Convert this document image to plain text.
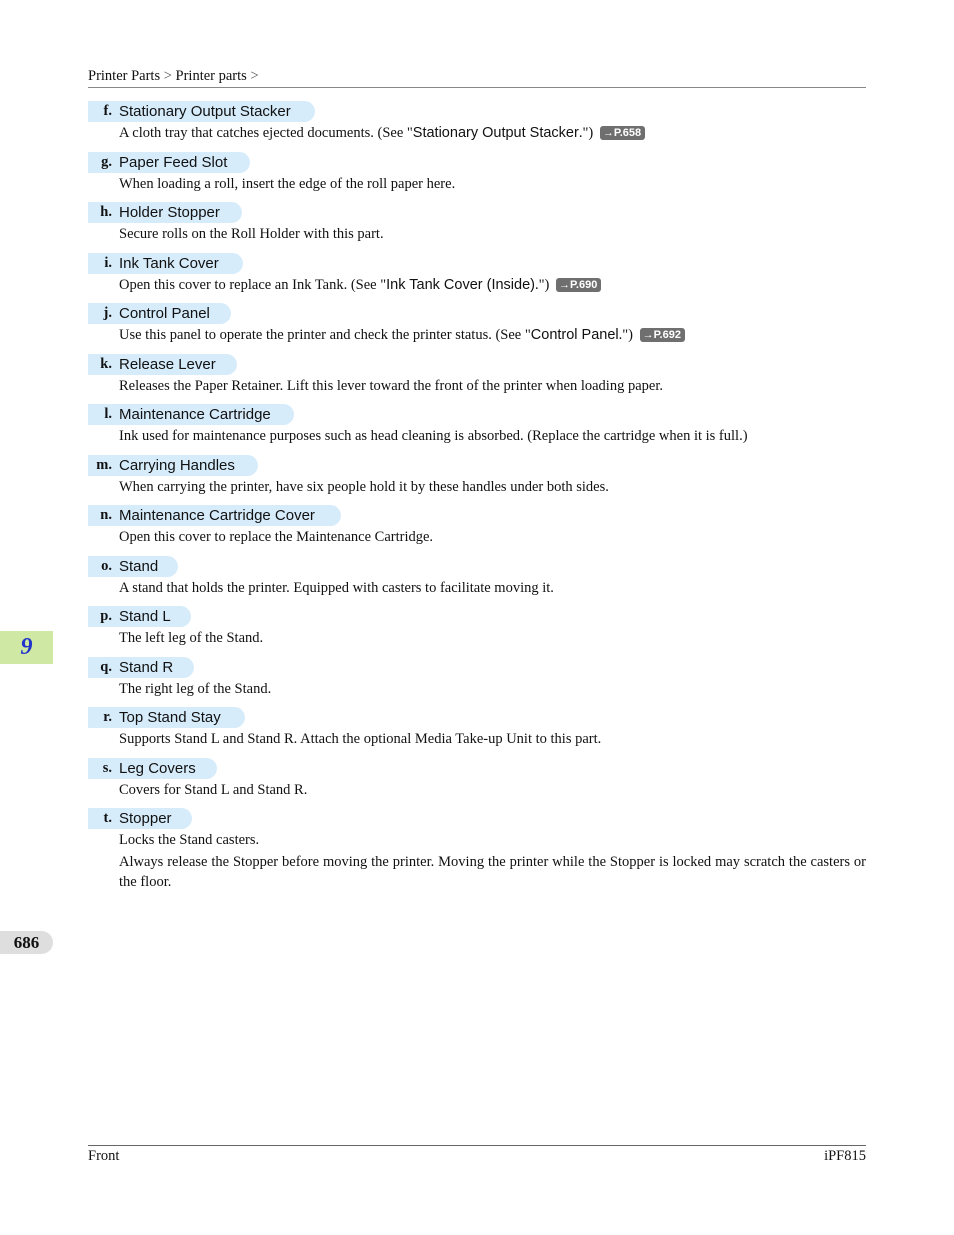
Printer Parts > Printer parts >
f. Stationary Output Stacker
A cloth tray that catches ejected documents. (See "Stationary Output Stacker.") →P.658
g. Paper Feed Slot
When loading a roll, insert the edge of the roll paper here.
h. Holder Stopper
Secure rolls on the Roll Holder with this part.
i. Ink Tank Cover
Open this cover to replace an Ink Tank. (See "Ink Tank Cover (Inside).") →P.690
j. Control Panel
Use this panel to operate the printer and check the printer status. (See "Control Panel.") →P.692
k. Release Lever
Releases the Paper Retainer. Lift this lever toward the front of the printer when loading paper.
l. Maintenance Cartridge
Ink used for maintenance purposes such as head cleaning is absorbed. (Replace the cartridge when it is full.)
m. Carrying Handles
When carrying the printer, have six people hold it by these handles under both sides.
n. Maintenance Cartridge Cover
Open this cover to replace the Maintenance Cartridge.
o. Stand
A stand that holds the printer. Equipped with casters to facilitate moving it.
p. Stand L
The left leg of the Stand.
q. Stand R
The right leg of the Stand.
r. Top Stand Stay
Supports Stand L and Stand R. Attach the optional Media Take-up Unit to this part.
s. Leg Covers
Covers for Stand L and Stand R.
t. Stopper
Locks the Stand casters.
Always release the Stopper before moving the printer. Moving the printer while the Stopper is locked may scratch the casters or the floor.
9
686
Front	iPF815
